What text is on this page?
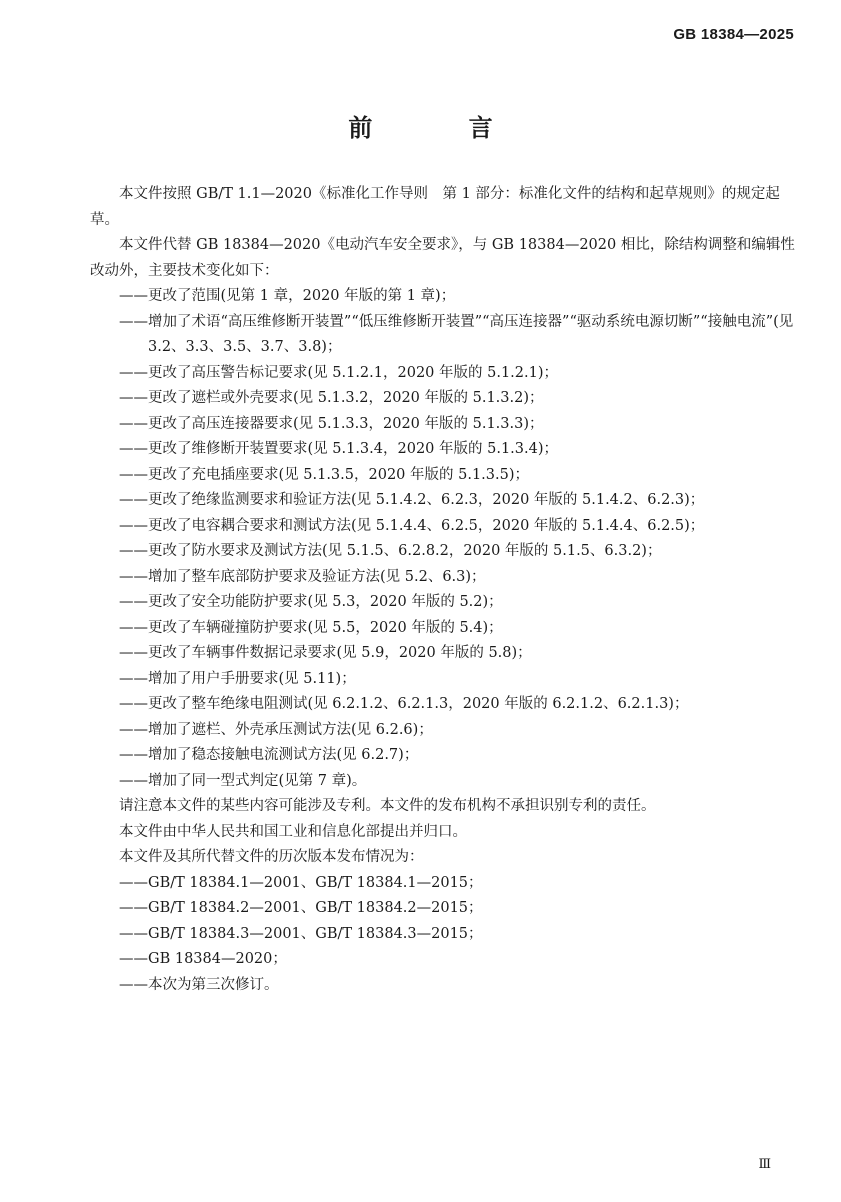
GB 18384—2025
前 言

本文件按照 GB/T 1.1—2020《标准化工作导则　第 1 部分：标准化文件的结构和起草规则》的规定起草。

本文件代替 GB 18384—2020《电动汽车安全要求》，与 GB 18384—2020 相比，除结构调整和编辑性改动外，主要技术变化如下：

——更改了范围(见第 1 章，2020 年版的第 1 章)；

——增加了术语“高压维修断开装置”“低压维修断开装置”“高压连接器”“驱动系统电源切断”“接触电流”(见 3.2、3.3、3.5、3.7、3.8)；

——更改了高压警告标记要求(见 5.1.2.1，2020 年版的 5.1.2.1)；

——更改了遮栏或外壳要求(见 5.1.3.2，2020 年版的 5.1.3.2)；

——更改了高压连接器要求(见 5.1.3.3，2020 年版的 5.1.3.3)；

——更改了维修断开装置要求(见 5.1.3.4，2020 年版的 5.1.3.4)；

——更改了充电插座要求(见 5.1.3.5，2020 年版的 5.1.3.5)；

——更改了绝缘监测要求和验证方法(见 5.1.4.2、6.2.3，2020 年版的 5.1.4.2、6.2.3)；

——更改了电容耦合要求和测试方法(见 5.1.4.4、6.2.5，2020 年版的 5.1.4.4、6.2.5)；

——更改了防水要求及测试方法(见 5.1.5、6.2.8.2，2020 年版的 5.1.5、6.3.2)；

——增加了整车底部防护要求及验证方法(见 5.2、6.3)；

——更改了安全功能防护要求(见 5.3，2020 年版的 5.2)；

——更改了车辆碰撞防护要求(见 5.5，2020 年版的 5.4)；

——更改了车辆事件数据记录要求(见 5.9，2020 年版的 5.8)；

——增加了用户手册要求(见 5.11)；

——更改了整车绝缘电阻测试(见 6.2.1.2、6.2.1.3，2020 年版的 6.2.1.2、6.2.1.3)；

——增加了遮栏、外壳承压测试方法(见 6.2.6)；

——增加了稳态接触电流测试方法(见 6.2.7)；

——增加了同一型式判定(见第 7 章)。

请注意本文件的某些内容可能涉及专利。本文件的发布机构不承担识别专利的责任。

本文件由中华人民共和国工业和信息化部提出并归口。

本文件及其所代替文件的历次版本发布情况为：

——GB/T 18384.1—2001、GB/T 18384.1—2015；

——GB/T 18384.2—2001、GB/T 18384.2—2015；

——GB/T 18384.3—2001、GB/T 18384.3—2015；

——GB 18384—2020；

——本次为第三次修订。

Ⅲ
